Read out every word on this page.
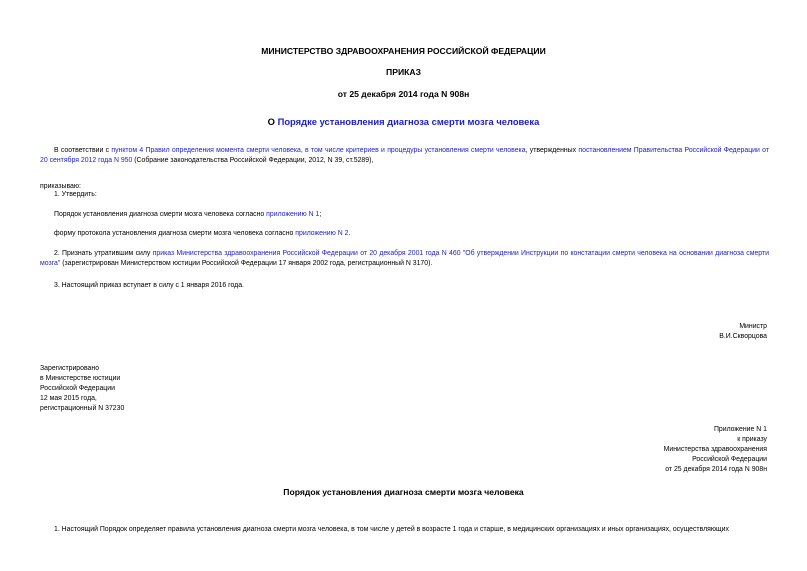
МИНИСТЕРСТВО ЗДРАВООХРАНЕНИЯ РОССИЙСКОЙ ФЕДЕРАЦИИ
ПРИКАЗ
от 25 декабря 2014 года N 908н
О Порядке установления диагноза смерти мозга человека
В соответствии с пунктом 4 Правил определения момента смерти человека, в том числе критериев и процедуры установления смерти человека, утвержденных постановлением Правительства Российской Федерации от 20 сентября 2012 года N 950 (Собрание законодательства Российской Федерации, 2012, N 39, ст.5289),
приказываю:
1. Утвердить:
Порядок установления диагноза смерти мозга человека согласно приложению N 1;
форму протокола установления диагноза смерти мозга человека согласно приложению N 2.
2. Признать утратившим силу приказ Министерства здравоохранения Российской Федерации от 20 декабря 2001 года N 460 "Об утверждении Инструкции по констатации смерти человека на основании диагноза смерти мозга" (зарегистрирован Министерством юстиции Российской Федерации 17 января 2002 года, регистрационный N 3170).
3. Настоящий приказ вступает в силу с 1 января 2016 года.
Министр
В.И.Скворцова
Зарегистрировано
в Министерстве юстиции
Российской Федерации
12 мая 2015 года,
регистрационный N 37230
Приложение N 1
к приказу
Министерства здравоохранения
Российской Федерации
от 25 декабря 2014 года N 908н
Порядок установления диагноза смерти мозга человека
1. Настоящий Порядок определяет правила установления диагноза смерти мозга человека, в том числе у детей в возрасте 1 года и старше, в медицинских организациях и иных организациях, осуществляющих
